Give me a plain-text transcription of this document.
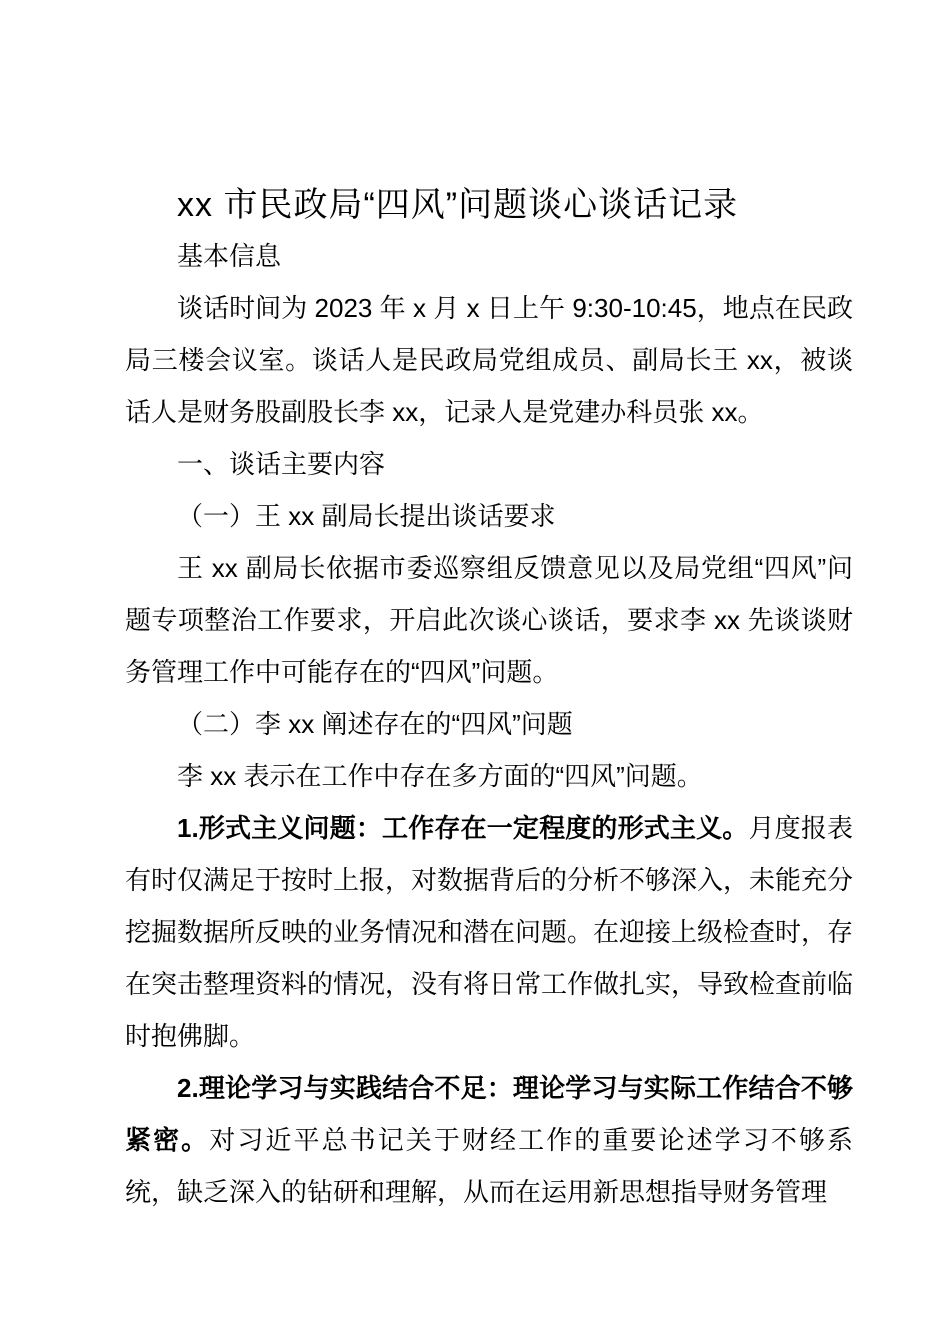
xx 市民政局“四风”问题谈心谈话记录

基本信息

谈话时间为 2023 年 x 月 x 日上午 9:30-10:45，地点在民政局三楼会议室。谈话人是民政局党组成员、副局长王 xx，被谈话人是财务股副股长李 xx，记录人是党建办科员张 xx。

一、谈话主要内容

（一）王 xx 副局长提出谈话要求

王 xx 副局长依据市委巡察组反馈意见以及局党组“四风”问题专项整治工作要求，开启此次谈心谈话，要求李 xx 先谈谈财务管理工作中可能存在的“四风”问题。

（二）李 xx 阐述存在的“四风”问题

李 xx 表示在工作中存在多方面的“四风”问题。

1.形式主义问题：工作存在一定程度的形式主义。月度报表有时仅满足于按时上报，对数据背后的分析不够深入，未能充分挖掘数据所反映的业务情况和潜在问题。在迎接上级检查时，存在突击整理资料的情况，没有将日常工作做扎实，导致检查前临时抱佛脚。

2.理论学习与实践结合不足：理论学习与实际工作结合不够紧密。对习近平总书记关于财经工作的重要论述学习不够系统，缺乏深入的钻研和理解，从而在运用新思想指导财务管理
